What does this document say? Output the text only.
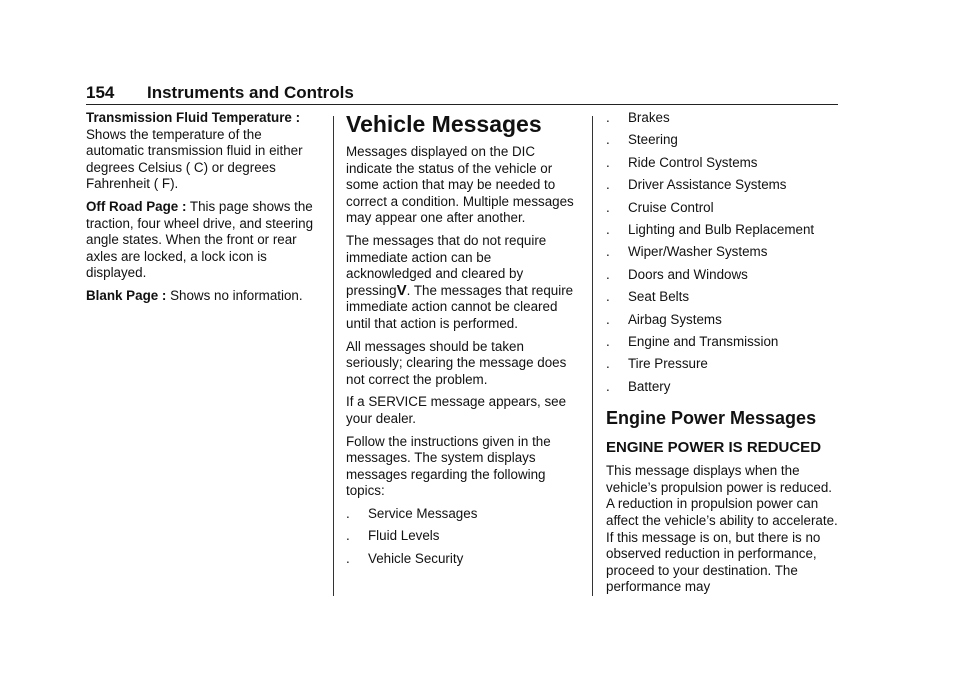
154 Instruments and Controls

Transmission Fluid Temperature : Shows the temperature of the automatic transmission fluid in either degrees Celsius ( C) or degrees Fahrenheit ( F).

Off Road Page : This page shows the traction, four wheel drive, and steering angle states. When the front or rear axles are locked, a lock icon is displayed.

Blank Page : Shows no information.

Vehicle Messages

Messages displayed on the DIC indicate the status of the vehicle or some action that may be needed to correct a condition. Multiple messages may appear one after another.

The messages that do not require immediate action can be acknowledged and cleared by pressingV. The messages that require immediate action cannot be cleared until that action is performed.

All messages should be taken seriously; clearing the message does not correct the problem.

If a SERVICE message appears, see your dealer.

Follow the instructions given in the messages. The system displays messages regarding the following topics:

. Service Messages
. Fluid Levels
. Vehicle Security
. Brakes
. Steering
. Ride Control Systems
. Driver Assistance Systems
. Cruise Control
. Lighting and Bulb Replacement
. Wiper/Washer Systems
. Doors and Windows
. Seat Belts
. Airbag Systems
. Engine and Transmission
. Tire Pressure
. Battery
Engine Power Messages
ENGINE POWER IS REDUCED

This message displays when the vehicle’s propulsion power is reduced. A reduction in propulsion power can affect the vehicle’s ability to accelerate. If this message is on, but there is no observed reduction in performance, proceed to your destination. The performance may
